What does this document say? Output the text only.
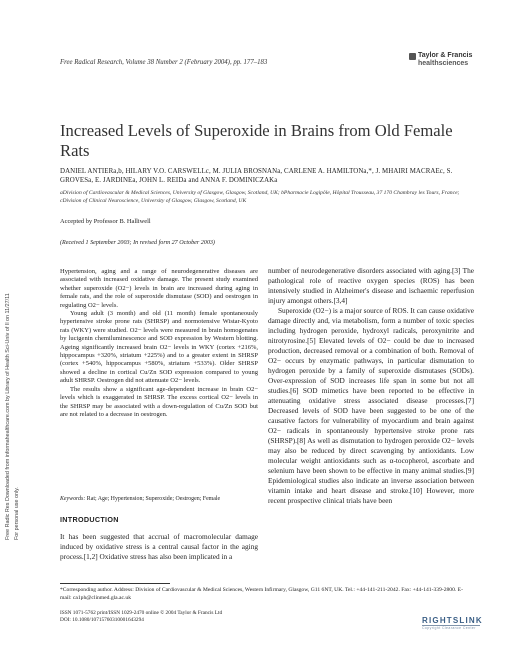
Free Radic Res Downloaded from informahealthcare.com by Library of Health Sci-Univ of Il on 11/27/11 For personal use only.
Free Radical Research, Volume 38 Number 2 (February 2004), pp. 177–183
Taylor & Francis
healthsciences
Increased Levels of Superoxide in Brains from Old Female Rats
DANIEL ANTIERa,b, HILARY V.O. CARSWELLc, M. JULIA BROSNANa, CARLENE A. HAMILTONa,*, J. MHAIRI MACRAEc, S. GROVESa, E. JARDINEa, JOHN L. REIDa and ANNA F. DOMINICZAKa
aDivision of Cardiovascular & Medical Sciences, University of Glasgow, Glasgow, Scotland, UK; bPharmacie Logipôle, Hôpital Trousseau, 37 170 Chambray les Tours, France; cDivision of Clinical Neuroscience, University of Glasgow, Glasgow, Scotland, UK
Accepted by Professor B. Halliwell
(Received 1 September 2003; In revised form 27 October 2003)

Hypertension, aging and a range of neurodegenerative diseases are associated with increased oxidative damage. The present study examined whether superoxide (O2−) levels in brain are increased during aging in female rats, and the role of superoxide dismutase (SOD) and oestrogen in regulating O2− levels.

Young adult (3 month) and old (11 month) female spontaneously hypertensive stroke prone rats (SHRSP) and normotensive Wistar-Kyoto rats (WKY) were studied. O2− levels were measured in brain homogenates by lucigenin chemiluminescence and SOD expression by Western blotting. Ageing significantly increased brain O2− levels in WKY (cortex +216%, hippocampus +320%, striatum +225%) and to a greater extent in SHRSP (cortex +540%, hippocampus +580%, striatum +533%). Older SHRSP showed a decline in cortical Cu/Zn SOD expression compared to young adult SHRSP. Oestrogen did not attenuate O2− levels.

The results show a significant age-dependent increase in brain O2− levels which is exaggerated in SHRSP. The excess cortical O2− levels in the SHRSP may be associated with a down-regulation of Cu/Zn SOD but are not related to a decrease in oestrogen.

Keywords: Rat; Age; Hypertension; Superoxide; Oestrogen; Female
INTRODUCTION
It has been suggested that accrual of macromolecular damage induced by oxidative stress is a central causal factor in the aging process.[1,2] Oxidative stress has also been implicated in a

number of neurodegenerative disorders associated with aging.[3] The pathological role of reactive oxygen species (ROS) has been intensively studied in Alzheimer's disease and ischaemic reperfusion injury amongst others.[3,4]

Superoxide (O2−) is a major source of ROS. It can cause oxidative damage directly and, via metabolism, form a number of toxic species including hydrogen peroxide, hydroxyl radicals, peroxynitrite and nitrotyrosine.[5] Elevated levels of O2− could be due to increased production, decreased removal or a combination of both. Removal of O2− occurs by enzymatic pathways, in particular dismutation to hydrogen peroxide by a family of superoxide dismutases (SODs). Over-expression of SOD increases life span in some but not all studies.[6] SOD mimetics have been reported to be effective in attenuating oxidative stress associated disease processes.[7] Decreased levels of SOD have been suggested to be one of the causative factors for vulnerability of myocardium and brain against O2− radicals in spontaneously hypertensive stroke prone rats (SHRSP).[8] As well as dismutation to hydrogen peroxide O2− levels may also be reduced by direct scavenging by antioxidants. Low molecular weight antioxidants such as α-tocopherol, ascorbate and selenium have been shown to be effective in many animal studies.[9] Epidemiological studies also indicate an inverse association between vitamin intake and heart disease and stroke.[10] However, more recent prospective clinical trials have been

*Corresponding author. Address: Division of Cardiovascular & Medical Sciences, Western Infirmary, Glasgow, G11 6NT, UK. Tel.: +44-141-211-2042. Fax: +44-141-339-2800. E-mail: ca1ph@clinmed.gla.ac.uk
ISSN 1071-5762 print/ISSN 1029-2470 online © 2004 Taylor & Francis Ltd
DOI: 10.1080/10715760310001643294	RIGHTSLINK
Copyright Clearance Center
